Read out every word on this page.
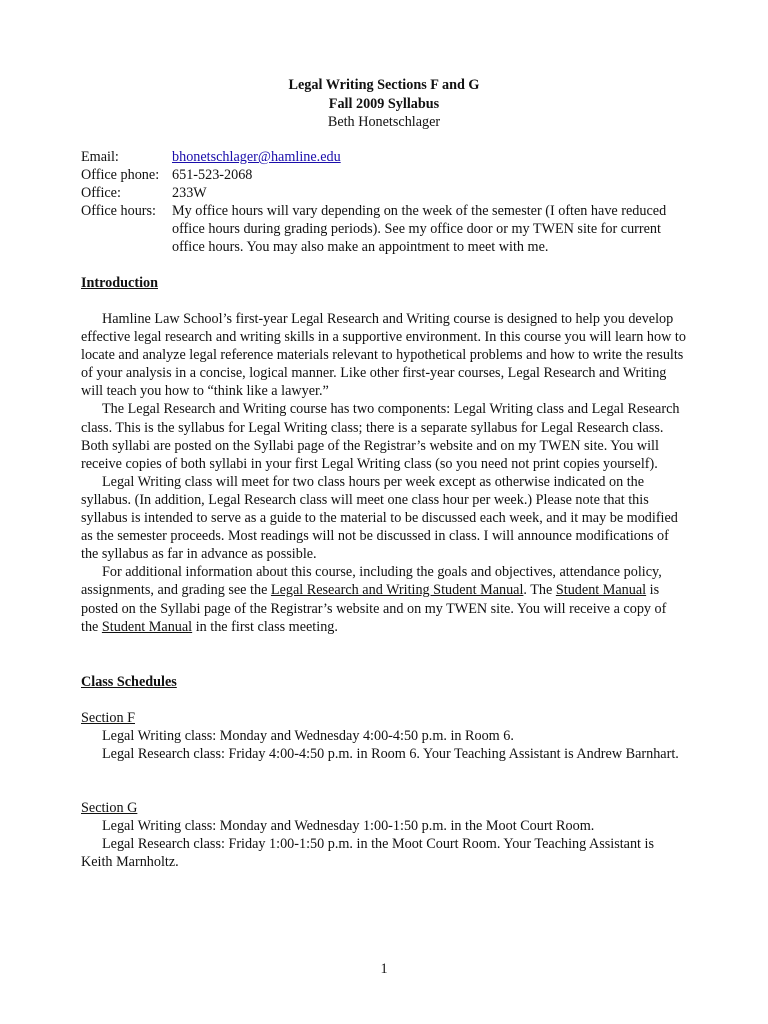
Legal Writing Sections F and G
Fall 2009 Syllabus
Beth Honetschlager
Email:	bhonetschlager@hamline.edu
Office phone: 651-523-2068
Office:	233W
Office hours:	My office hours will vary depending on the week of the semester (I often have reduced office hours during grading periods). See my office door or my TWEN site for current office hours. You may also make an appointment to meet with me.
Introduction

Hamline Law School’s first-year Legal Research and Writing course is designed to help you develop effective legal research and writing skills in a supportive environment. In this course you will learn how to locate and analyze legal reference materials relevant to hypothetical problems and how to write the results of your analysis in a concise, logical manner. Like other first-year courses, Legal Research and Writing will teach you how to “think like a lawyer.”

The Legal Research and Writing course has two components: Legal Writing class and Legal Research class. This is the syllabus for Legal Writing class; there is a separate syllabus for Legal Research class. Both syllabi are posted on the Syllabi page of the Registrar’s website and on my TWEN site. You will receive copies of both syllabi in your first Legal Writing class (so you need not print copies yourself).

Legal Writing class will meet for two class hours per week except as otherwise indicated on the syllabus. (In addition, Legal Research class will meet one class hour per week.) Please note that this syllabus is intended to serve as a guide to the material to be discussed each week, and it may be modified as the semester proceeds. Most readings will not be discussed in class. I will announce modifications of the syllabus as far in advance as possible.

For additional information about this course, including the goals and objectives, attendance policy, assignments, and grading see the Legal Research and Writing Student Manual. The Student Manual is posted on the Syllabi page of the Registrar’s website and on my TWEN site. You will receive a copy of the Student Manual in the first class meeting.

Class Schedules
Section F
Legal Writing class: Monday and Wednesday 4:00-4:50 p.m. in Room 6.
Legal Research class: Friday 4:00-4:50 p.m. in Room 6. Your Teaching Assistant is Andrew Barnhart.
Section G
Legal Writing class: Monday and Wednesday 1:00-1:50 p.m. in the Moot Court Room.
Legal Research class: Friday 1:00-1:50 p.m. in the Moot Court Room. Your Teaching Assistant is Keith Marnholtz.
1
